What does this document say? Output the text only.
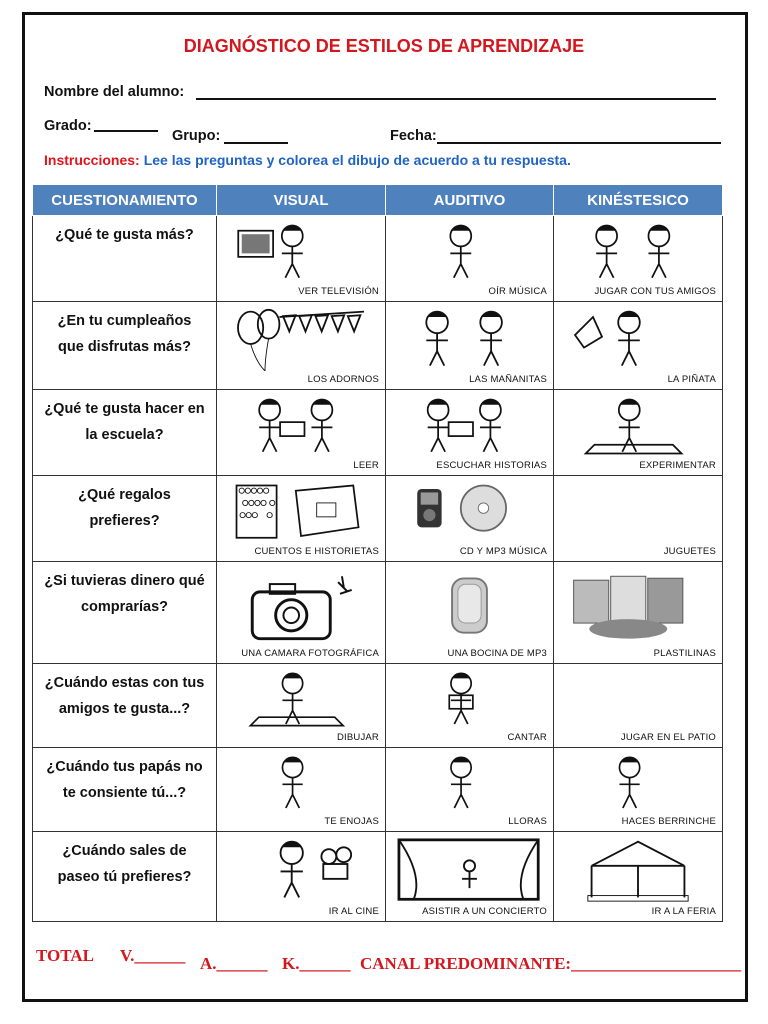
DIAGNÓSTICO DE ESTILOS DE APRENDIZAJE
Nombre del alumno:
Grado:
Grupo:	Fecha:
Instrucciones: Lee las preguntas y colorea el dibujo de acuerdo a tu respuesta.
CUESTIONAMIENTO	VISUAL	AUDITIVO	KINÉSTESICO

¿Qué te gusta más?	VER TELEVISIÓN	OÍR MÚSICA	JUGAR CON TUS AMIGOS

¿En tu cumpleaños que disfrutas más?	LOS ADORNOS	LAS MAÑANITAS	LA PIÑATA

¿Qué te gusta hacer en la escuela?	LEER	ESCUCHAR HISTORIAS	EXPERIMENTAR

¿Qué regalos prefieres?	CUENTOS E HISTORIETAS	CD Y MP3 MÚSICA	JUGUETES

¿Si tuvieras dinero qué comprarías?	UNA CAMARA FOTOGRÁFICA	UNA BOCINA DE MP3	PLASTILINAS

¿Cuándo estas con tus amigos te gusta...?	DIBUJAR	CANTAR	JUGAR EN EL PATIO

¿Cuándo tus papás no te consiente tú...?	TE ENOJAS	LLORAS	HACES BERRINCHE

¿Cuándo sales de paseo tú prefieres?	IR AL CINE	ASISTIR A UN CONCIERTO	IR A LA FERIA
TOTAL V.______ A.______ K.______ CANAL PREDOMINANTE:____________________
